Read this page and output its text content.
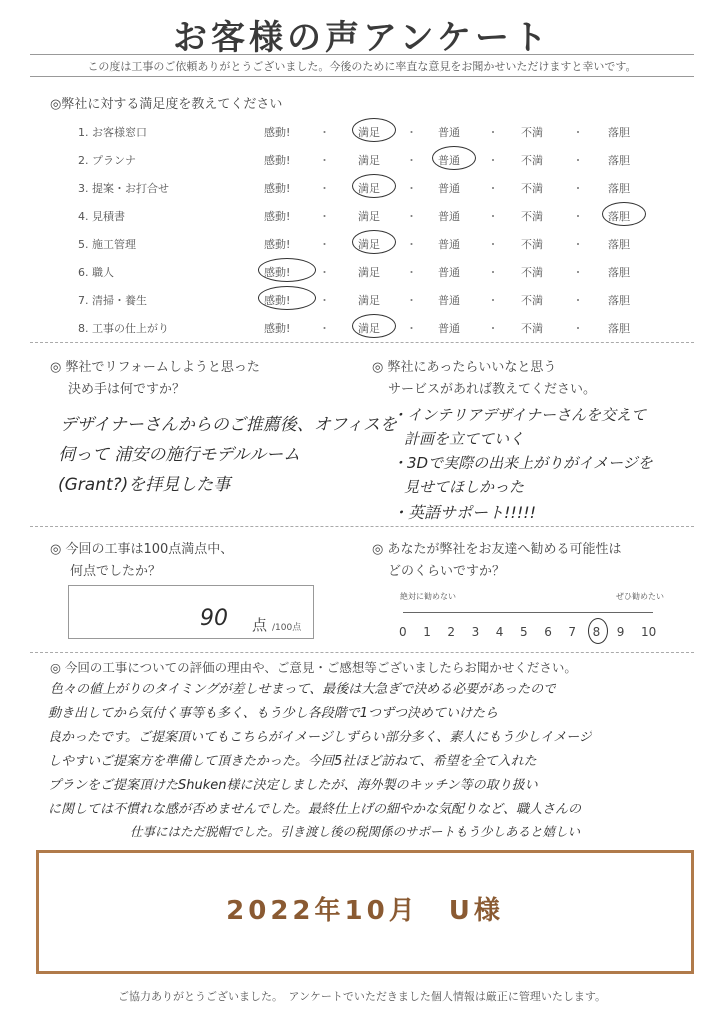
お客様の声アンケート
この度は工事のご依頼ありがとうございました。今後のために率直な意見をお聞かせいただけますと幸いです。
◎弊社に対する満足度を教えてください
1. お客様窓口	感動!	・	満足 ・ 普通	・ 不満	・ 落胆
2. プランナ	感動!	・	満足 ・ 普通	・ 不満	・ 落胆
3. 提案・お打合せ	感動!	・	満足 ・ 普通	・ 不満	・ 落胆
4. 見積書	感動!	・	満足 ・ 普通	・ 不満	・ 落胆
5. 施工管理	感動!	・	満足 ・ 普通	・ 不満	・ 落胆
6. 職人	感動!	・	満足 ・ 普通	・ 不満	・ 落胆
7. 清掃・養生	感動!	・	満足 ・ 普通	・ 不満	・ 落胆
8. 工事の仕上がり	感動!	・	満足 ・ 普通	・ 不満	・ 落胆
◎ 弊社でリフォームしようと思った
決め手は何ですか？
デザイナーさんからのご推薦後、オフィスを
伺って 浦安の施行モデルルーム
(Grant?)を拝見した事
◎ 弊社にあったらいいなと思う
サービスがあれば教えてください。
・インテリアデザイナーさんを交えて
計画を立てていく
・3Dで実際の出来上がりがイメージを
見せてほしかった
・英語サポート!!!!!
◎ 今回の工事は100点満点中、
何点でしたか？
90 点 /100点
◎ あなたが弊社をお友達へ勧める可能性は
どのくらいですか？
絶対に勧めない	ぜひ勧めたい
0 1 2 3 4 5 6 7 8 9 10
◎ 今回の工事についての評価の理由や、ご意見・ご感想等ございましたらお聞かせください。
色々の値上がりのタイミングが差しせまって、最後は大急ぎで決める必要があったので
動き出してから気付く事等も多く、もう少し各段階で1つずつ決めていけたら
良かったです。ご提案頂いてもこちらがイメージしずらい部分多く、素人にもう少しイメージ
しやすいご提案方を準備して頂きたかった。今回5社ほど訪ねて、希望を全て入れた
プランをご提案頂けたShuken様に決定しましたが、海外製のキッチン等の取り扱い
に関しては不慣れな感が否めませんでした。最終仕上げの細やかな気配りなど、職人さんの
仕事にはただ脱帽でした。引き渡し後の税関係のサポートもう少しあると嬉しい
2022年10月　U様
ご協力ありがとうございました。　アンケートでいただきました個人情報は厳正に管理いたします。
